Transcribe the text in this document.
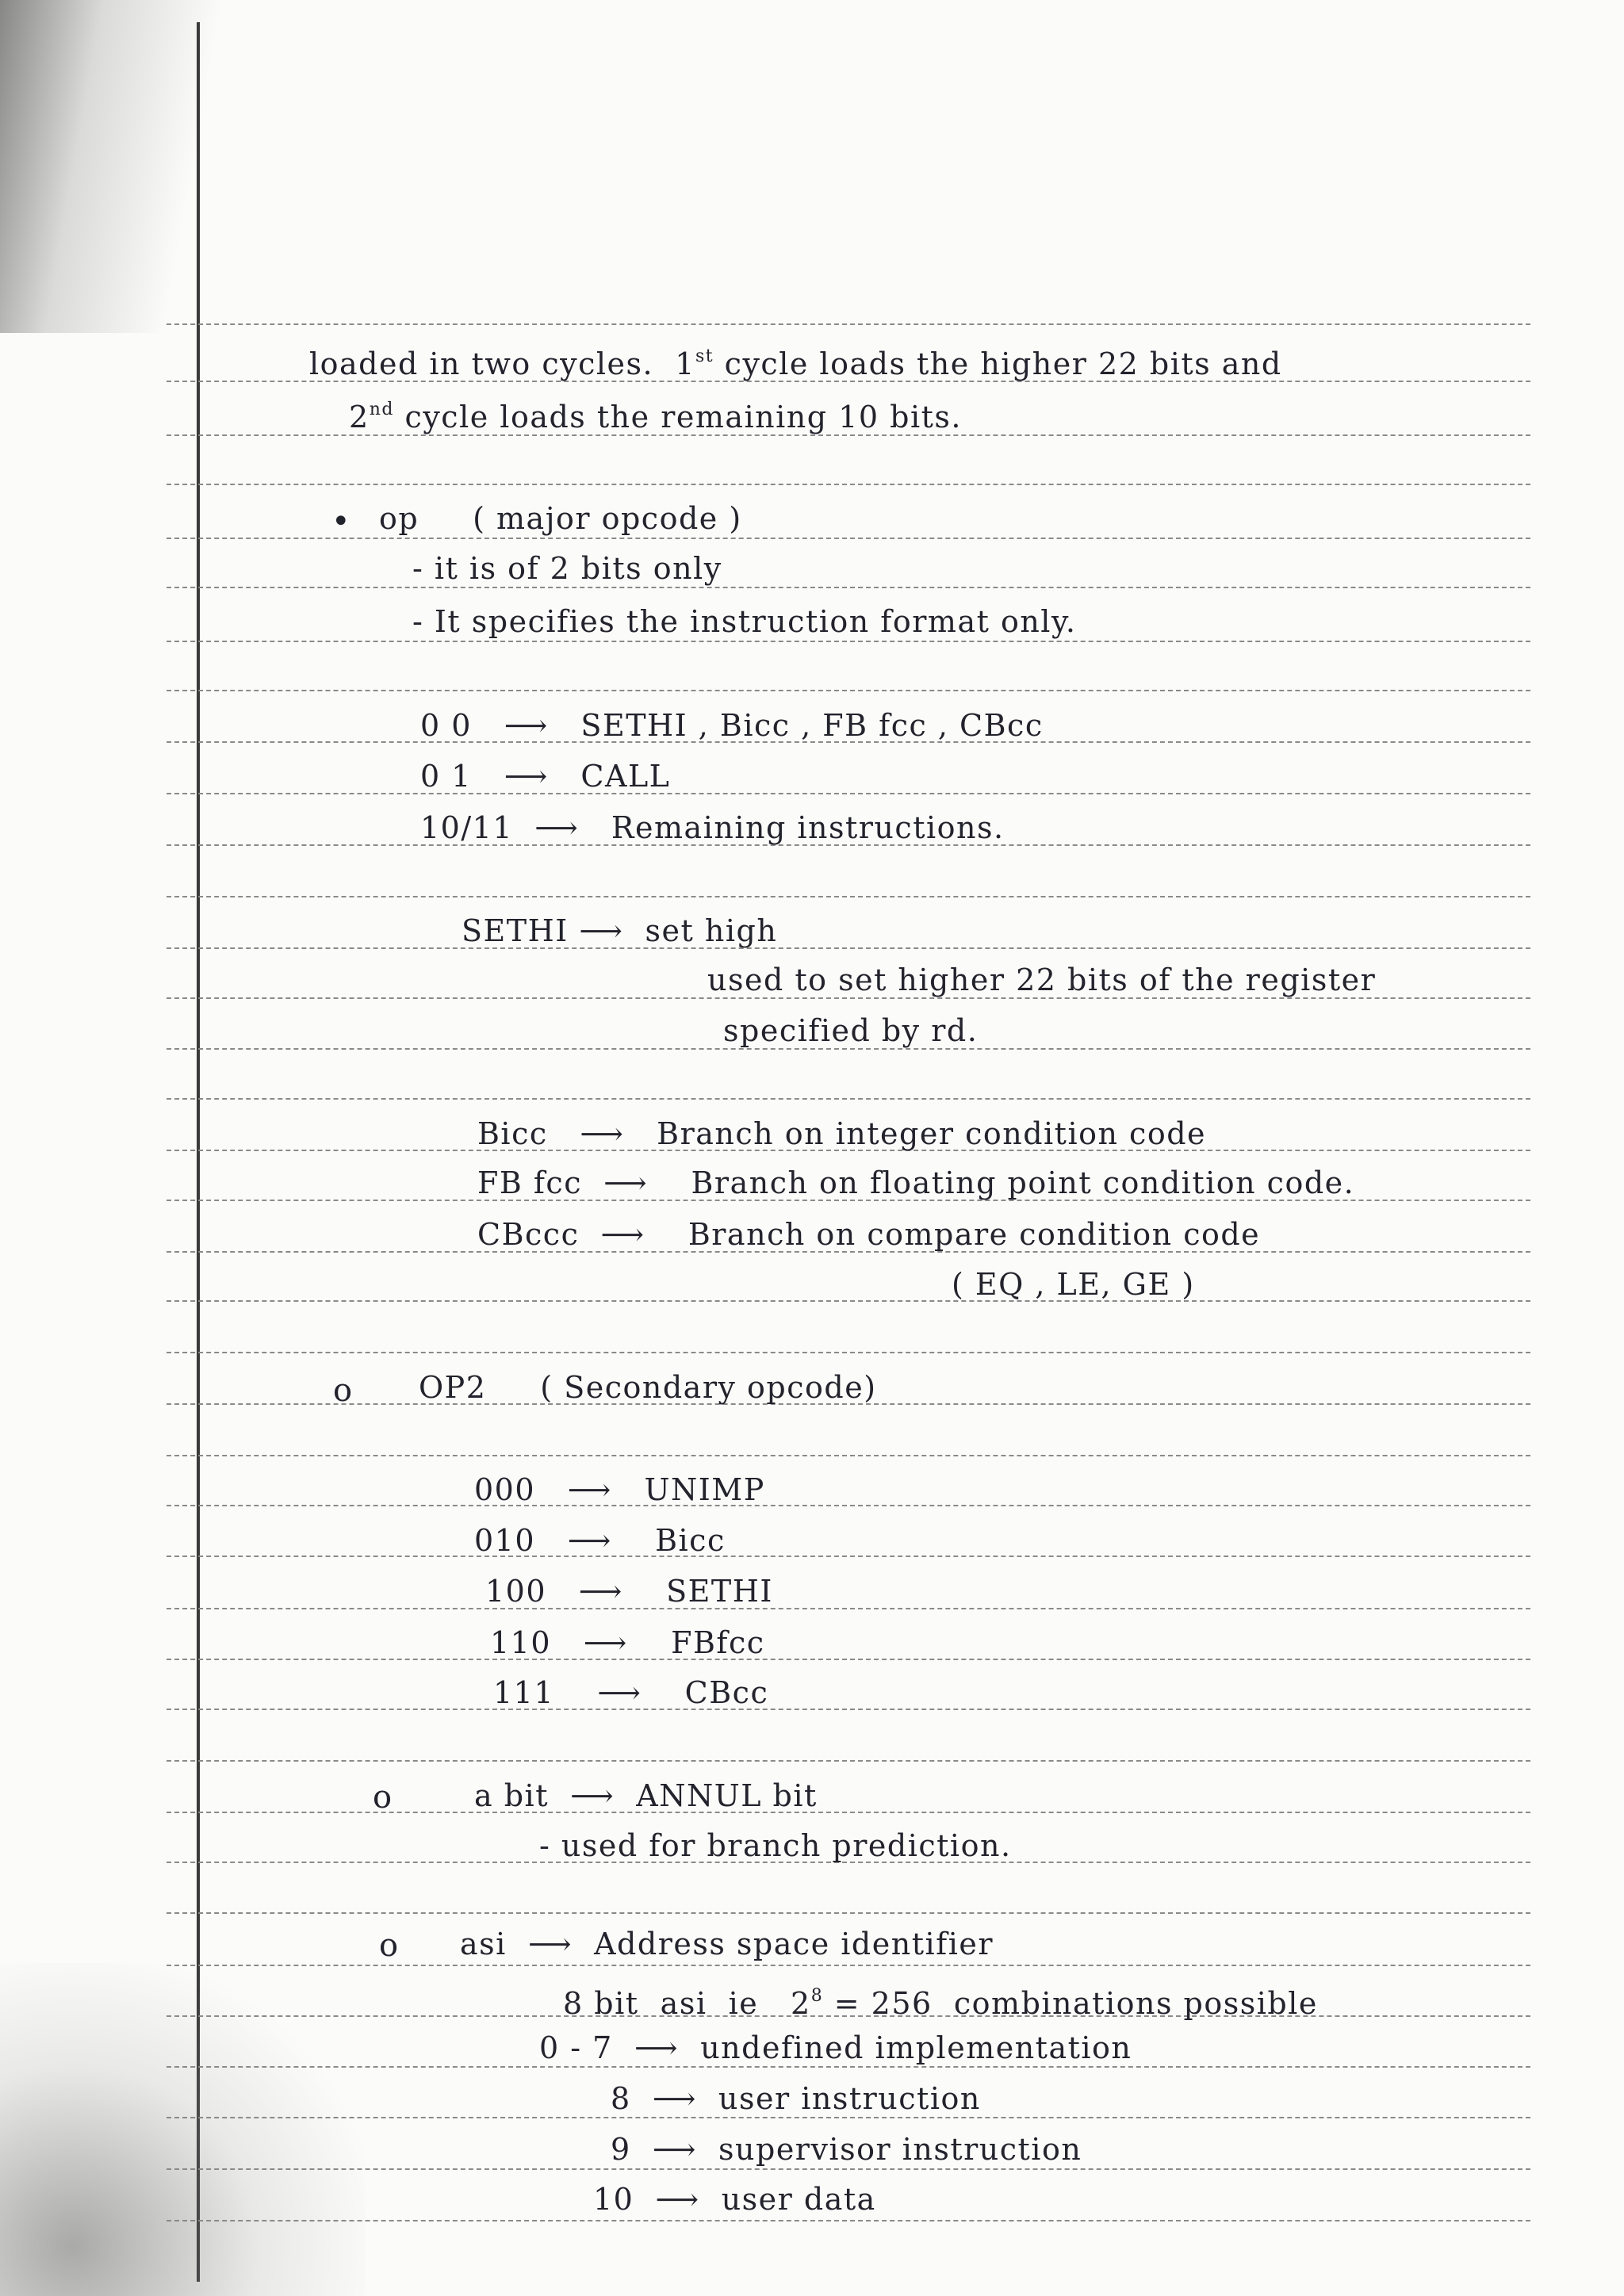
loaded in two cycles.  1st cycle loads the higher 22 bits and
2nd cycle loads the remaining 10 bits.
• op     ( major opcode )
- it is of 2 bits only
- It specifies the instruction format only.
0 0 ⟶ SETHI , Bicc , FB fcc , CBcc
0 1 ⟶ CALL
10/11 ⟶ Remaining instructions.
SETHI ⟶ set high
used to set higher 22 bits of the register
specified by rd.
Bicc ⟶ Branch on integer condition code
FB fcc ⟶ Branch on floating point condition code.
CBccc ⟶ Branch on compare condition code
( EQ , LE, GE )
o OP2     ( Secondary opcode)
000 ⟶ UNIMP
010 ⟶ Bicc
100 ⟶ SETHI
110 ⟶ FBfcc
111 ⟶ CBcc
o	a bit  ⟶  ANNUL bit
- used for branch prediction.
o asi  ⟶  Address space identifier
8 bit  asi  ie   $2^8 = 256$  combinations possible
0 - 7 ⟶ undefined implementation
8 ⟶ user instruction
9 ⟶ supervisor instruction
10 ⟶ user data
